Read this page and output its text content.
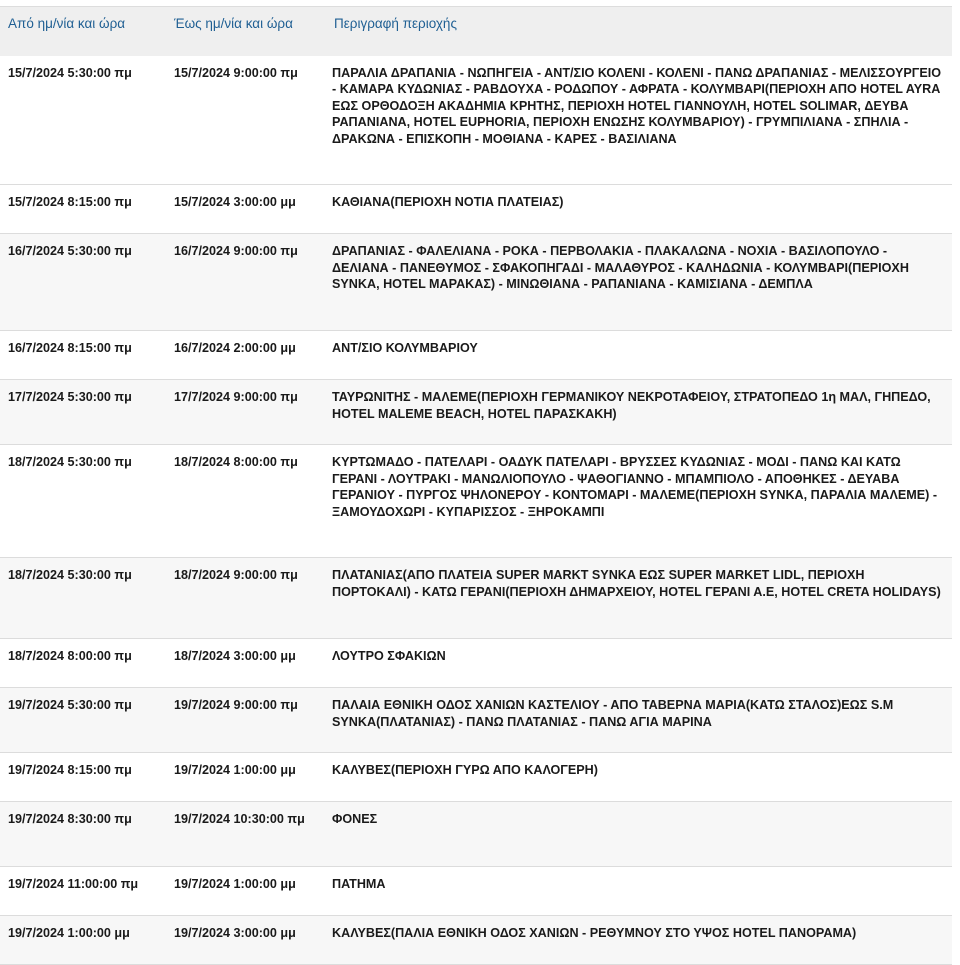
Από ημ/νία και ώρα	Έως ημ/νία και ώρα	Περιγραφή περιοχής
15/7/2024 5:30:00 πμ	15/7/2024 9:00:00 πμ	ΠΑΡΑΛΙΑ ΔΡΑΠΑΝΙΑ - ΝΩΠΗΓΕΙΑ - ΑΝΤ/ΣΙΟ ΚΟΛΕΝΙ - ΚΟΛΕΝΙ - ΠΑΝΩ ΔΡΑΠΑΝΙΑΣ - ΜΕΛΙΣΣΟΥΡΓΕΙΟ - ΚΑΜΑΡΑ ΚΥΔΩΝΙΑΣ - ΡΑΒΔΟΥΧΑ - ΡΟΔΩΠΟΥ - ΑΦΡΑΤΑ - ΚΟΛΥΜΒΑΡΙ(ΠΕΡΙΟΧΗ ΑΠΟ HOTEL AYRA ΕΩΣ ΟΡΘΟΔΟΞΗ ΑΚΑΔΗΜΙΑ ΚΡΗΤΗΣ, ΠΕΡΙΟΧΗ HOTEL ΓΙΑΝΝΟΥΛΗ, HOTEL SOLIMAR, ΔΕΥΒΑ ΡΑΠΑΝΙΑΝΑ, HOTEL EUPHORIA, ΠΕΡΙΟΧΗ ΕΝΩΣΗΣ ΚΟΛΥΜΒΑΡΙΟΥ) - ΓΡΥΜΠΙΛΙΑΝΑ - ΣΠΗΛΙΑ - ΔΡΑΚΩΝΑ - ΕΠΙΣΚΟΠΗ - ΜΟΘΙΑΝΑ - ΚΑΡΕΣ - ΒΑΣΙΛΙΑΝΑ
15/7/2024 8:15:00 πμ	15/7/2024 3:00:00 μμ	ΚΑΘΙΑΝΑ(ΠΕΡΙΟΧΗ ΝΟΤΙΑ ΠΛΑΤΕΙΑΣ)
16/7/2024 5:30:00 πμ	16/7/2024 9:00:00 πμ	ΔΡΑΠΑΝΙΑΣ - ΦΑΛΕΛΙΑΝΑ - ΡΟΚΑ - ΠΕΡΒΟΛΑΚΙΑ - ΠΛΑΚΑΛΩΝΑ - ΝΟΧΙΑ - ΒΑΣΙΛΟΠΟΥΛΟ - ΔΕΛΙΑΝΑ - ΠΑΝΕΘΥΜΟΣ - ΣΦΑΚΟΠΗΓΑΔΙ - ΜΑΛΑΘΥΡΟΣ - ΚΑΛΗΔΩΝΙΑ - ΚΟΛΥΜΒΑΡΙ(ΠΕΡΙΟΧΗ SYNKA, HOTEL ΜΑΡΑΚΑΣ) - ΜΙΝΩΘΙΑΝΑ - ΡΑΠΑΝΙΑΝΑ - ΚΑΜΙΣΙΑΝΑ - ΔΕΜΠΛΑ
16/7/2024 8:15:00 πμ	16/7/2024 2:00:00 μμ	ΑΝΤ/ΣΙΟ ΚΟΛΥΜΒΑΡΙΟΥ
17/7/2024 5:30:00 πμ	17/7/2024 9:00:00 πμ	ΤΑΥΡΩΝΙΤΗΣ - ΜΑΛΕΜΕ(ΠΕΡΙΟΧΗ ΓΕΡΜΑΝΙΚΟΥ ΝΕΚΡΟΤΑΦΕΙΟΥ, ΣΤΡΑΤΟΠΕΔΟ 1η ΜΑΛ, ΓΗΠΕΔΟ, HOTEL MALEME BEACH, HOTEL ΠΑΡΑΣΚΑΚΗ)
18/7/2024 5:30:00 πμ	18/7/2024 8:00:00 πμ	ΚΥΡΤΩΜΑΔΟ - ΠΑΤΕΛΑΡΙ - ΟΑΔΥΚ ΠΑΤΕΛΑΡΙ - ΒΡΥΣΣΕΣ ΚΥΔΩΝΙΑΣ - ΜΟΔΙ - ΠΑΝΩ ΚΑΙ ΚΑΤΩ ΓΕΡΑΝΙ - ΛΟΥΤΡΑΚΙ - ΜΑΝΩΛΙΟΠΟΥΛΟ - ΨΑΘΟΓΙΑΝΝΟ - ΜΠΑΜΠΙΟΛΟ - ΑΠΟΘΗΚΕΣ - ΔΕΥΑΒΑ ΓΕΡΑΝΙΟΥ - ΠΥΡΓΟΣ ΨΗΛΟΝΕΡΟΥ - ΚΟΝΤΟΜΑΡΙ - ΜΑΛΕΜΕ(ΠΕΡΙΟΧΗ SYNKA, ΠΑΡΑΛΙΑ ΜΑΛΕΜΕ) - ΞΑΜΟΥΔΟΧΩΡΙ - ΚΥΠΑΡΙΣΣΟΣ - ΞΗΡΟΚΑΜΠΙ
18/7/2024 5:30:00 πμ	18/7/2024 9:00:00 πμ	ΠΛΑΤΑΝΙΑΣ(ΑΠΟ ΠΛΑΤΕΙΑ SUPER MARKT SYNKA ΕΩΣ SUPER MARKET LIDL, ΠΕΡΙΟΧΗ ΠΟΡΤΟΚΑΛΙ) - ΚΑΤΩ ΓΕΡΑΝΙ(ΠΕΡΙΟΧΗ ΔΗΜΑΡΧΕΙΟΥ, HOTEL ΓΕΡΑΝΙ Α.Ε, HOTEL CRETA HOLIDAYS)
18/7/2024 8:00:00 πμ	18/7/2024 3:00:00 μμ	ΛΟΥΤΡΟ ΣΦΑΚΙΩΝ
19/7/2024 5:30:00 πμ	19/7/2024 9:00:00 πμ	ΠΑΛΑΙΑ ΕΘΝΙΚΗ ΟΔΟΣ ΧΑΝΙΩΝ ΚΑΣΤΕΛΙΟΥ - ΑΠΟ ΤΑΒΕΡΝΑ ΜΑΡΙΑ(ΚΑΤΩ ΣΤΑΛΟΣ)ΕΩΣ S.M SYNKA(ΠΛΑΤΑΝΙΑΣ) - ΠΑΝΩ ΠΛΑΤΑΝΙΑΣ - ΠΑΝΩ ΑΓΙΑ ΜΑΡΙΝΑ
19/7/2024 8:15:00 πμ	19/7/2024 1:00:00 μμ	ΚΑΛΥΒΕΣ(ΠΕΡΙΟΧΗ ΓΥΡΩ ΑΠΟ ΚΑΛΟΓΕΡΗ)
19/7/2024 8:30:00 πμ	19/7/2024 10:30:00 πμ	ΦΟΝΕΣ
19/7/2024 11:00:00 πμ	19/7/2024 1:00:00 μμ	ΠΑΤΗΜΑ
19/7/2024 1:00:00 μμ	19/7/2024 3:00:00 μμ	ΚΑΛΥΒΕΣ(ΠΑΛΙΑ ΕΘΝΙΚΗ ΟΔΟΣ ΧΑΝΙΩΝ - ΡΕΘΥΜΝΟΥ ΣΤΟ ΥΨΟΣ HOTEL ΠΑΝΟΡΑΜΑ)
